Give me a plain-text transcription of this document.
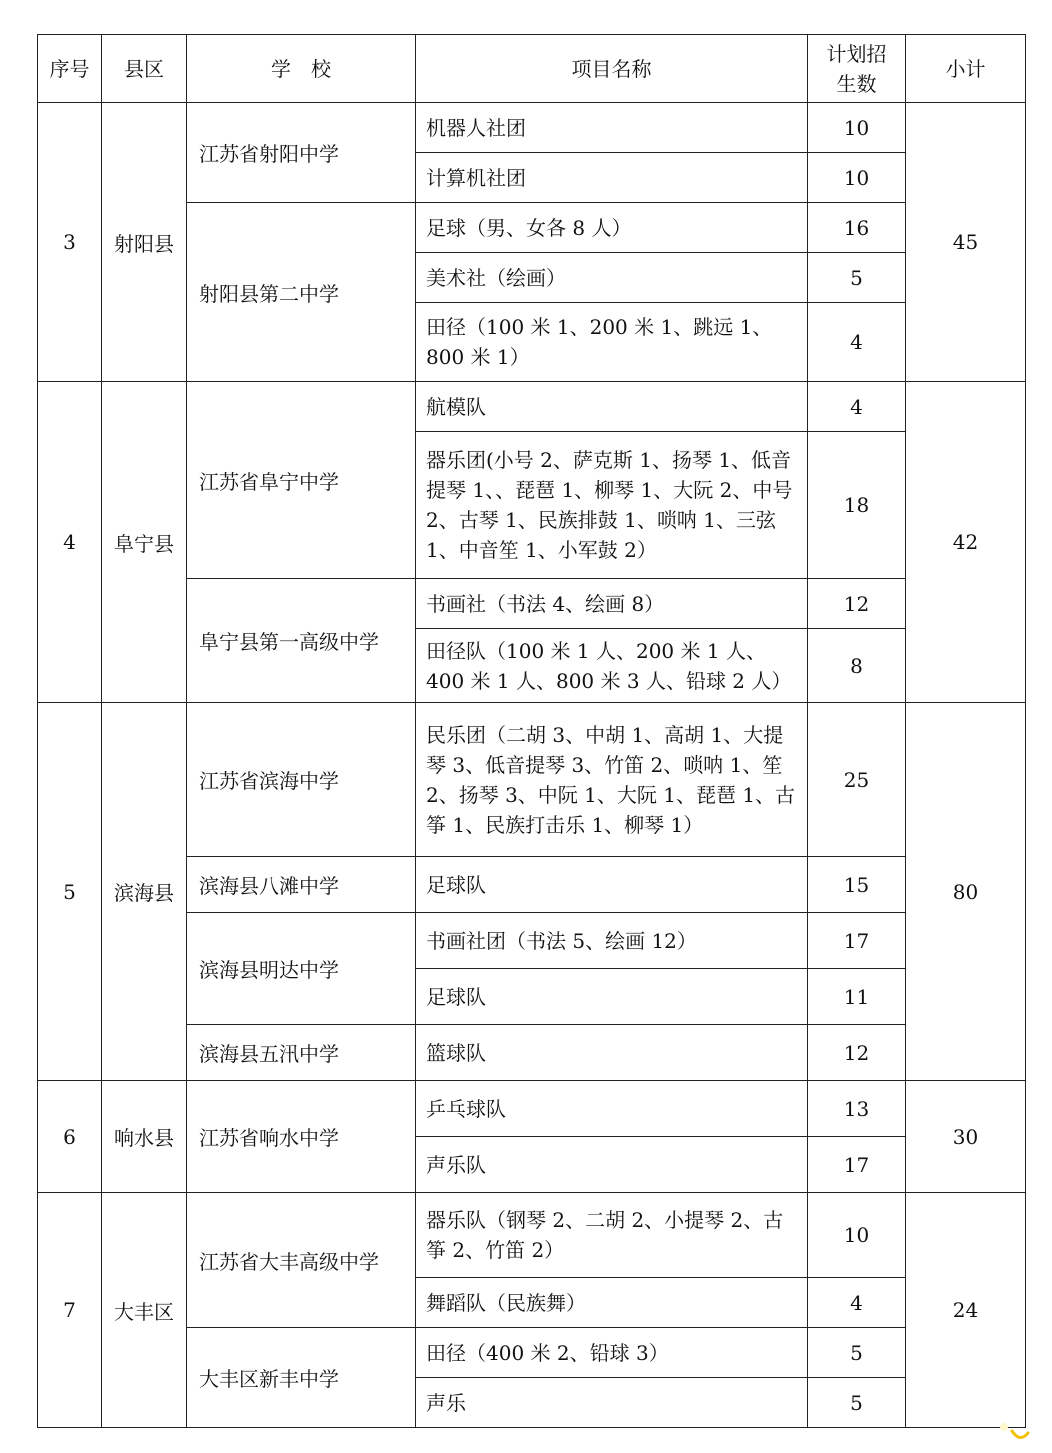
序号	县区	学　校	项目名称	计划招生数	小计
3	射阳县	江苏省射阳中学	机器人社团	10	45
			计算机社团	10	
		射阳县第二中学	足球（男、女各 8 人）	16	
			美术社（绘画）	5	
			田径（100 米 1、200 米 1、跳远 1、800 米 1）	4	
4	阜宁县	江苏省阜宁中学	航模队	4	42
			器乐团(小号 2、萨克斯 1、扬琴 1、低音提琴 1、、琵琶 1、柳琴 1、大阮 2、中号 2、古琴 1、民族排鼓 1、唢呐 1、三弦 1、中音笙 1、小军鼓 2）	18	
		阜宁县第一高级中学	书画社（书法 4、绘画 8）	12	
			田径队（100 米 1 人、200 米 1 人、400 米 1 人、800 米 3 人、铅球 2 人）	8	
5	滨海县	江苏省滨海中学	民乐团（二胡 3、中胡 1、高胡 1、大提琴 3、低音提琴 3、竹笛 2、唢呐 1、笙 2、扬琴 3、中阮 1、大阮 1、琵琶 1、古筝 1、民族打击乐 1、柳琴 1）	25	80
		滨海县八滩中学	足球队	15	
		滨海县明达中学	书画社团（书法 5、绘画 12）	17	
			足球队	11	
		滨海县五汛中学	篮球队	12	
6	响水县	江苏省响水中学	乒乓球队	13	30
			声乐队	17	
7	大丰区	江苏省大丰高级中学	器乐队（钢琴 2、二胡 2、小提琴 2、古筝 2、竹笛 2）	10	24
			舞蹈队（民族舞）	4	
		大丰区新丰中学	田径（400 米 2、铅球 3）	5	
			声乐	5	
